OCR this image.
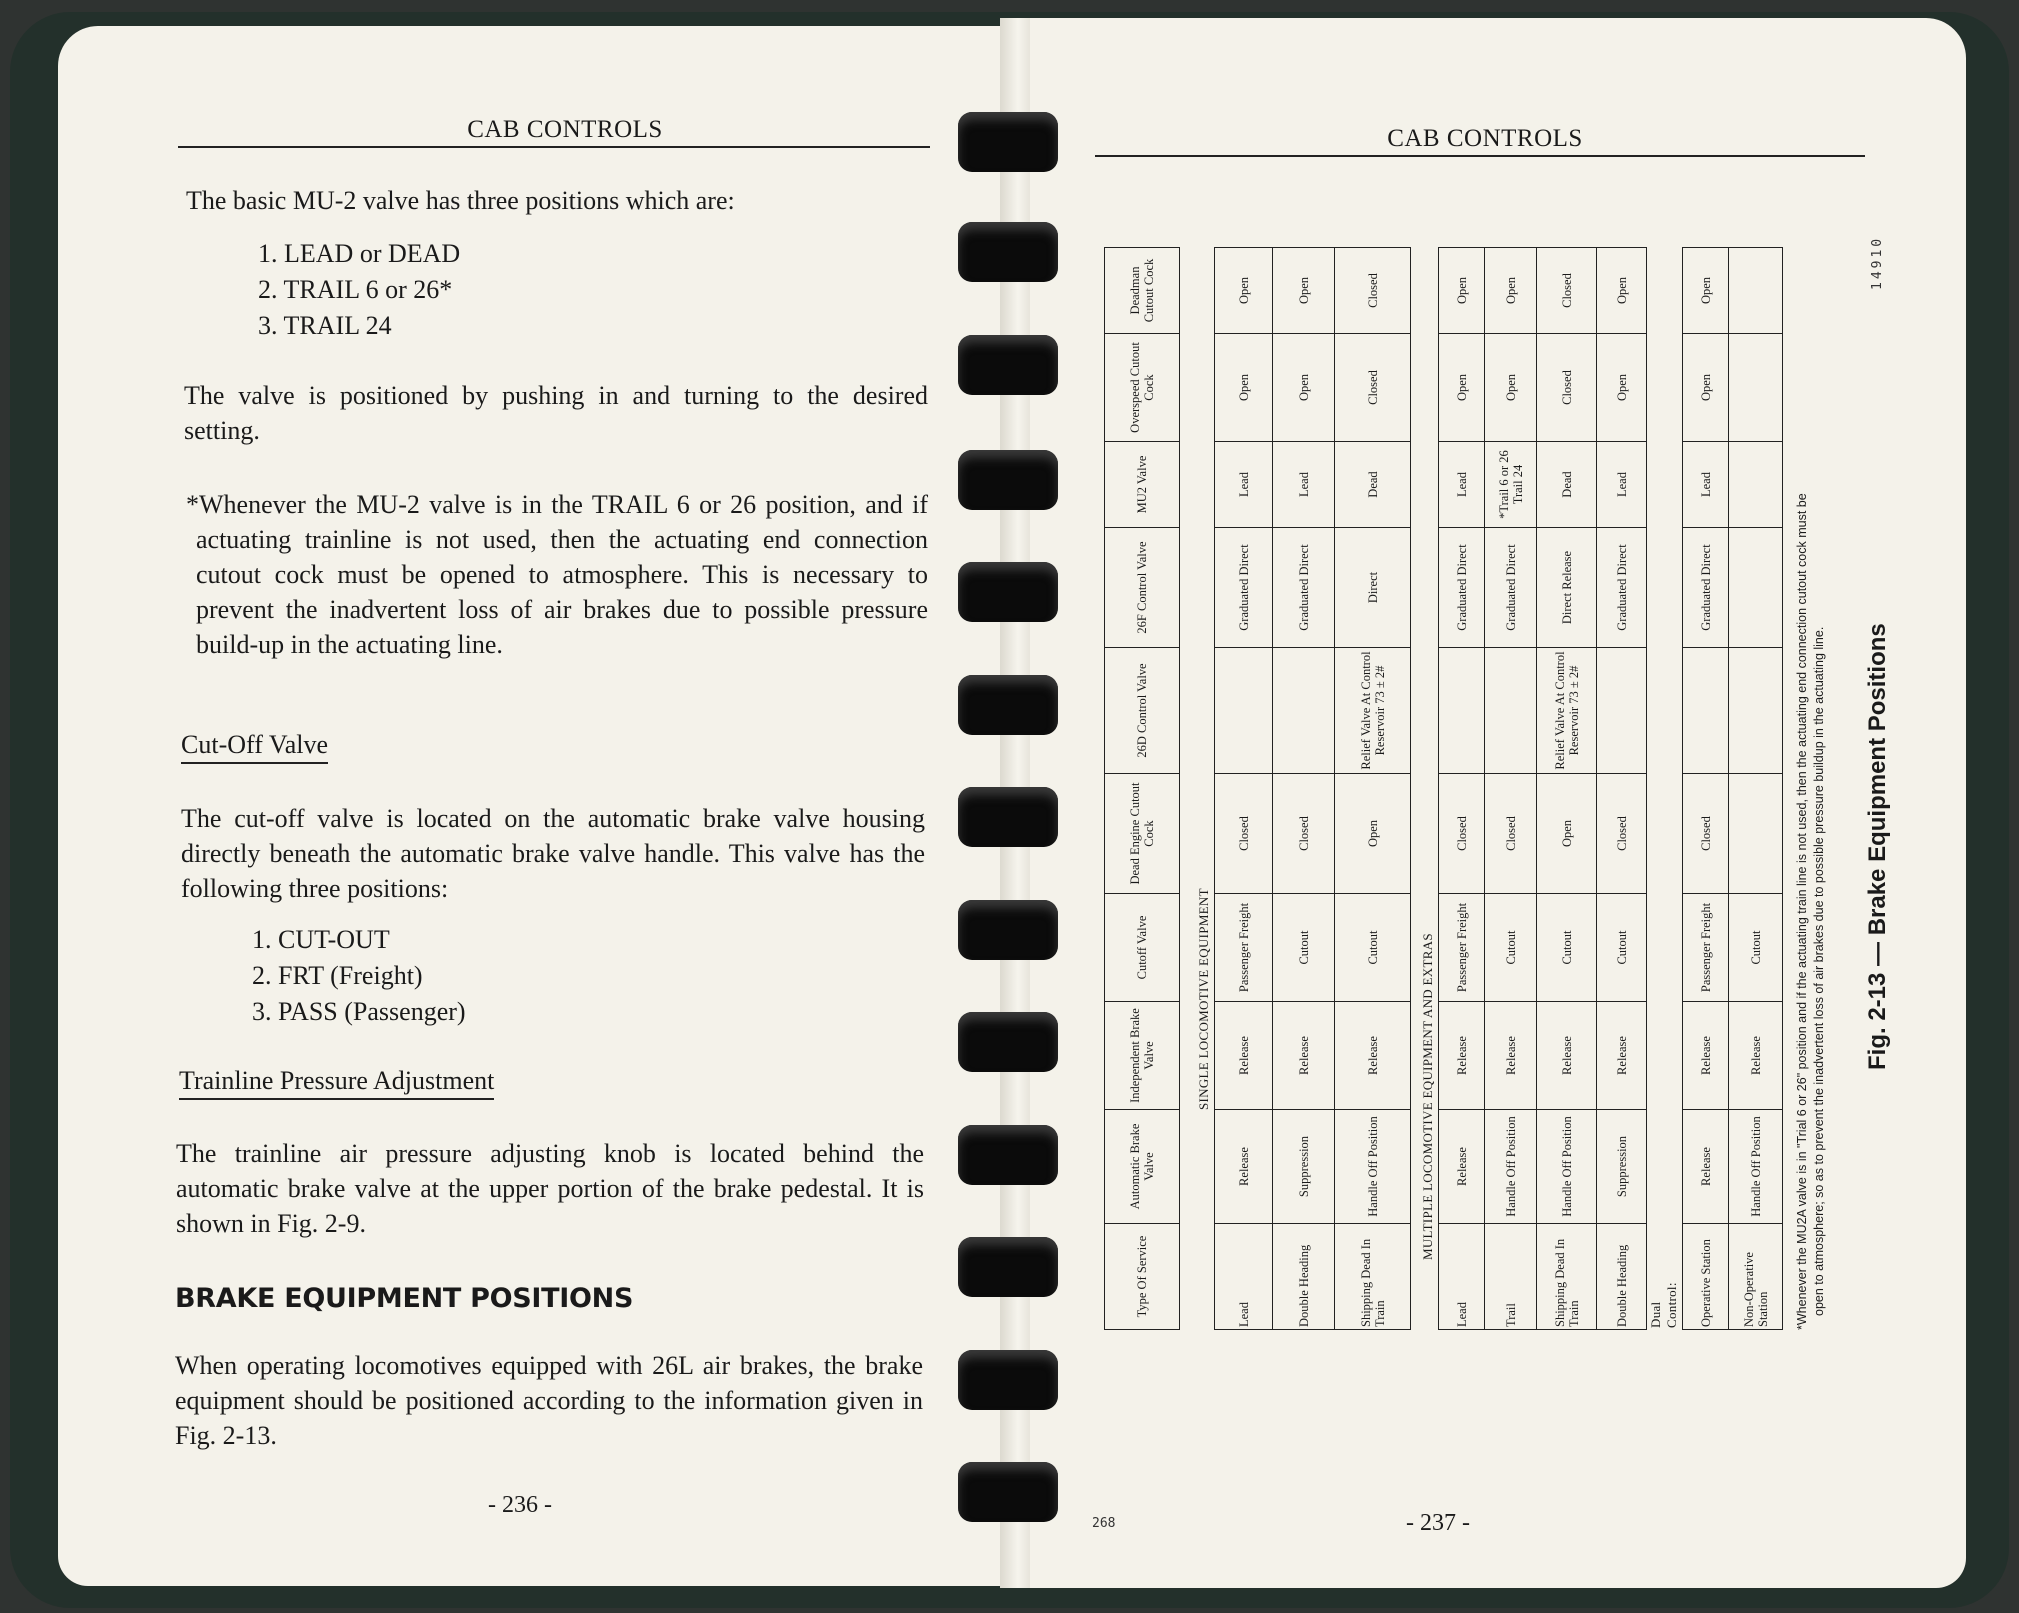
CAB CONTROLS
The basic MU-2 valve has three positions which are:
1. LEAD or DEAD
2. TRAIL 6 or 26*
3. TRAIL 24
The valve is positioned by pushing in and turning to the desired setting.
*Whenever the MU-2 valve is in the TRAIL 6 or 26 position, and if actuating trainline is not used, then the actuating end connection cutout cock must be opened to atmosphere. This is necessary to prevent the inadvertent loss of air brakes due to possible pressure build-up in the actuating line.
Cut-Off Valve
The cut-off valve is located on the automatic brake valve housing directly beneath the automatic brake valve handle. This valve has the following three positions:
1. CUT-OUT
2. FRT (Freight)
3. PASS (Passenger)
Trainline Pressure Adjustment
The trainline air pressure adjusting knob is located behind the automatic brake valve at the upper portion of the brake pedestal. It is shown in Fig. 2-9.
BRAKE EQUIPMENT POSITIONS
When operating locomotives equipped with 26L air brakes, the brake equipment should be positioned according to the information given in Fig. 2-13.
- 236 -
CAB CONTROLS
Type Of Service	Automatic Brake Valve	Independent Brake Valve	Cutoff Valve	Dead Engine Cutout Cock	26D Control Valve	26F Control Valve	MU2 Valve	Overspeed Cutout Cock	Deadman Cutout Cock
SINGLE LOCOMOTIVE EQUIPMENT
Lead	Release	Release	Passenger Freight	Closed		Graduated Direct	Lead	Open	Open
Double Heading	Suppression	Release	Cutout	Closed		Graduated Direct	Lead	Open	Open
Shipping Dead In Train	Handle Off Position	Release	Cutout	Open	Relief Valve At Control Reservoir 73 ± 2#	Direct	Dead	Closed	Closed
MULTIPLE LOCOMOTIVE EQUIPMENT AND EXTRAS
Lead	Release	Release	Passenger Freight	Closed		Graduated Direct	Lead	Open	Open
Trail	Handle Off Position	Release	Cutout	Closed		Graduated Direct	*Trail 6 or 26 Trail 24	Open	Open
Shipping Dead In Train	Handle Off Position	Release	Cutout	Open	Relief Valve At Control Reservoir 73 ± 2#	Direct Release	Dead	Closed	Closed
Double Heading	Suppression	Release	Cutout	Closed		Graduated Direct	Lead	Open	Open
Dual Control: Operative Station	Release	Release	Passenger Freight	Closed		Graduated Direct	Lead	Open	Open
Non-Operative Station	Handle Off Position	Release	Cutout							*Whenever the MU2A valve is in "Trial 6 or 26" position and if the actuating train line is not used, then the actuating end connection cutout cock must be open to atmosphere; so as to prevent the inadvertent loss of air brakes due to possible pressure buildup in the actuating line. Fig. 2-13 — Brake Equipment Positions
14910
268	- 237 -
